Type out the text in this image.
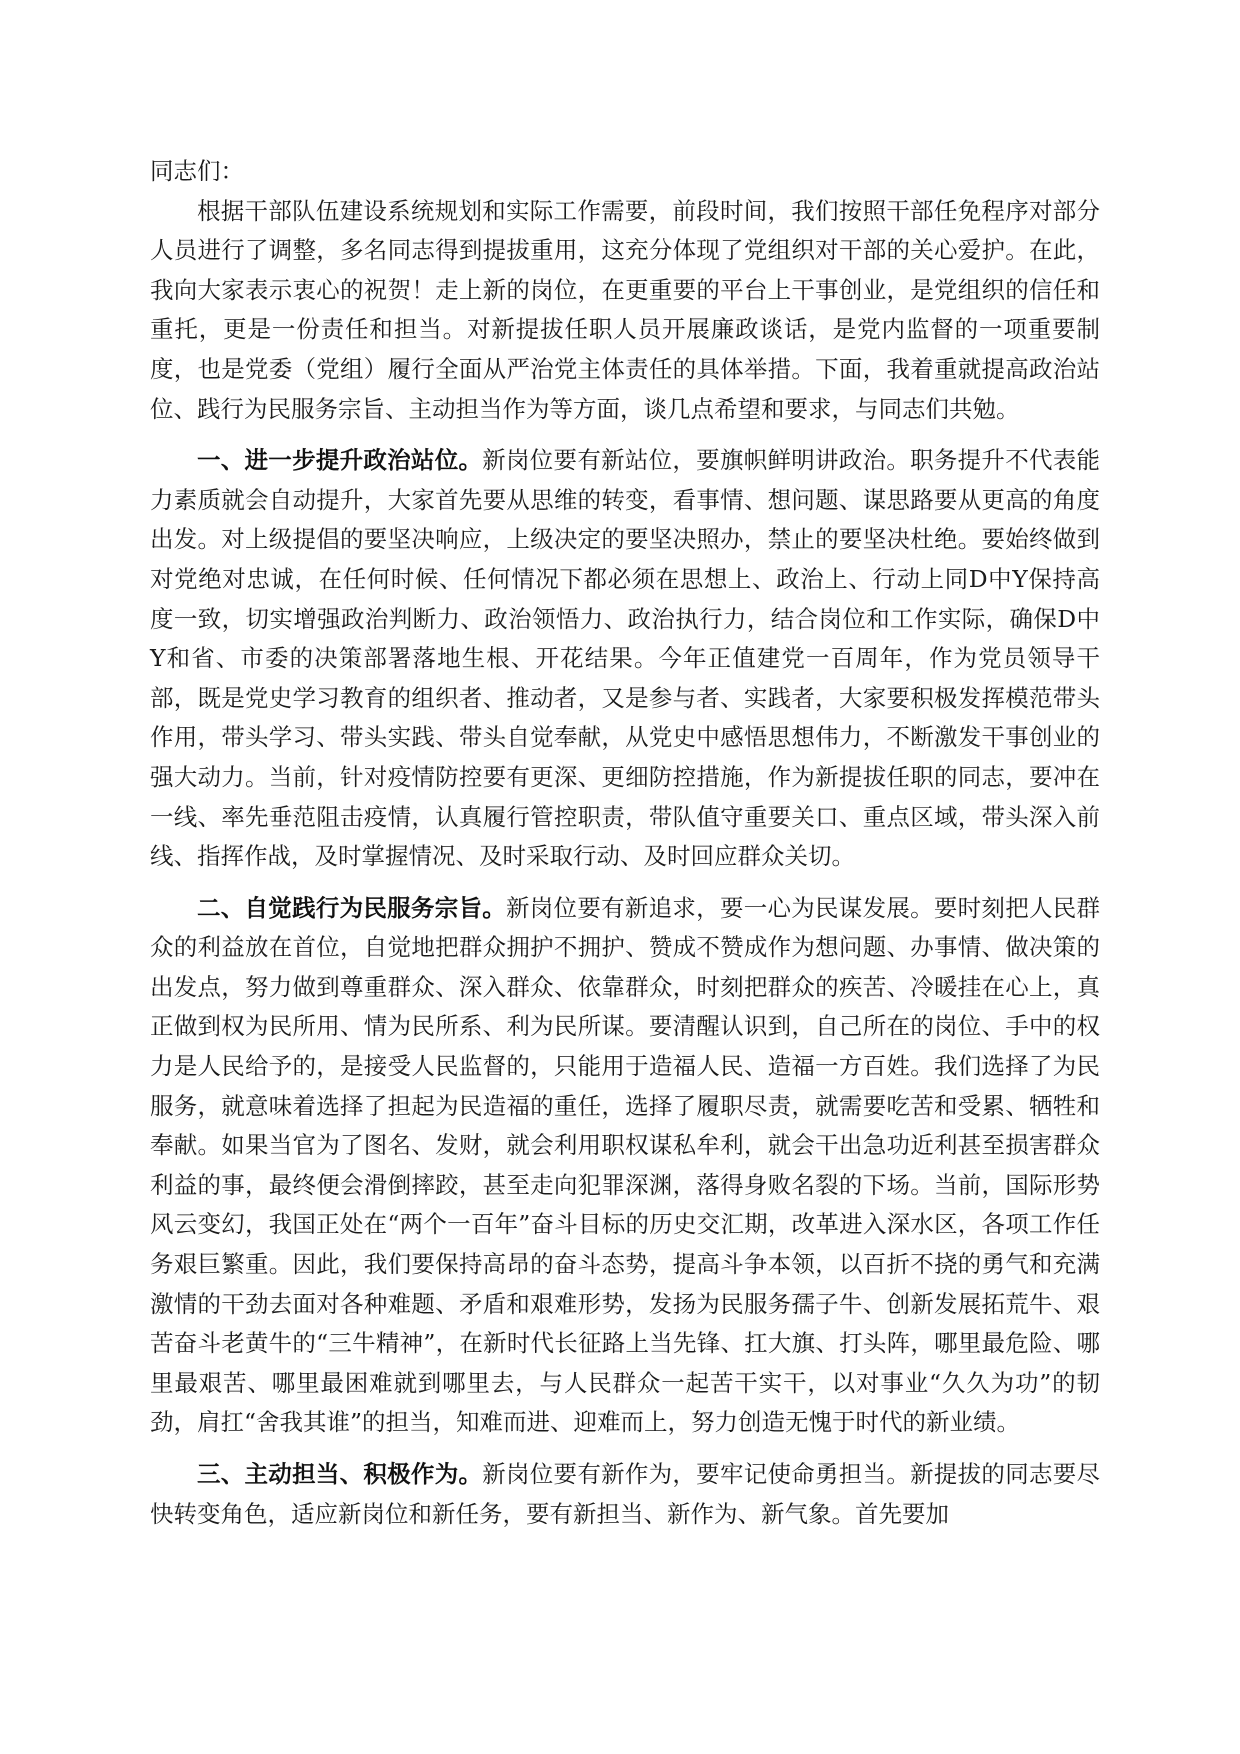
同志们：

根据干部队伍建设系统规划和实际工作需要，前段时间，我们按照干部任免程序对部分人员进行了调整，多名同志得到提拔重用，这充分体现了党组织对干部的关心爱护。在此，我向大家表示衷心的祝贺！走上新的岗位，在更重要的平台上干事创业，是党组织的信任和重托，更是一份责任和担当。对新提拔任职人员开展廉政谈话，是党内监督的一项重要制度，也是党委（党组）履行全面从严治党主体责任的具体举措。下面，我着重就提高政治站位、践行为民服务宗旨、主动担当作为等方面，谈几点希望和要求，与同志们共勉。

一、进一步提升政治站位。新岗位要有新站位，要旗帜鲜明讲政治。职务提升不代表能力素质就会自动提升，大家首先要从思维的转变，看事情、想问题、谋思路要从更高的角度出发。对上级提倡的要坚决响应，上级决定的要坚决照办，禁止的要坚决杜绝。要始终做到对党绝对忠诚，在任何时候、任何情况下都必须在思想上、政治上、行动上同D中Y保持高度一致，切实增强政治判断力、政治领悟力、政治执行力，结合岗位和工作实际，确保D中Y和省、市委的决策部署落地生根、开花结果。今年正值建党一百周年，作为党员领导干部，既是党史学习教育的组织者、推动者，又是参与者、实践者，大家要积极发挥模范带头作用，带头学习、带头实践、带头自觉奉献，从党史中感悟思想伟力，不断激发干事创业的强大动力。当前，针对疫情防控要有更深、更细防控措施，作为新提拔任职的同志，要冲在一线、率先垂范阻击疫情，认真履行管控职责，带队值守重要关口、重点区域，带头深入前线、指挥作战，及时掌握情况、及时采取行动、及时回应群众关切。

二、自觉践行为民服务宗旨。新岗位要有新追求，要一心为民谋发展。要时刻把人民群众的利益放在首位，自觉地把群众拥护不拥护、赞成不赞成作为想问题、办事情、做决策的出发点，努力做到尊重群众、深入群众、依靠群众，时刻把群众的疾苦、冷暖挂在心上，真正做到权为民所用、情为民所系、利为民所谋。要清醒认识到，自己所在的岗位、手中的权力是人民给予的，是接受人民监督的，只能用于造福人民、造福一方百姓。我们选择了为民服务，就意味着选择了担起为民造福的重任，选择了履职尽责，就需要吃苦和受累、牺牲和奉献。如果当官为了图名、发财，就会利用职权谋私牟利，就会干出急功近利甚至损害群众利益的事，最终便会滑倒摔跤，甚至走向犯罪深渊，落得身败名裂的下场。当前，国际形势风云变幻，我国正处在“两个一百年”奋斗目标的历史交汇期，改革进入深水区，各项工作任务艰巨繁重。因此，我们要保持高昂的奋斗态势，提高斗争本领，以百折不挠的勇气和充满激情的干劲去面对各种难题、矛盾和艰难形势，发扬为民服务孺子牛、创新发展拓荒牛、艰苦奋斗老黄牛的“三牛精神”，在新时代长征路上当先锋、扛大旗、打头阵，哪里最危险、哪里最艰苦、哪里最困难就到哪里去，与人民群众一起苦干实干，以对事业“久久为功”的韧劲，肩扛“舍我其谁”的担当，知难而进、迎难而上，努力创造无愧于时代的新业绩。

三、主动担当、积极作为。新岗位要有新作为，要牢记使命勇担当。新提拔的同志要尽快转变角色，适应新岗位和新任务，要有新担当、新作为、新气象。首先要加
